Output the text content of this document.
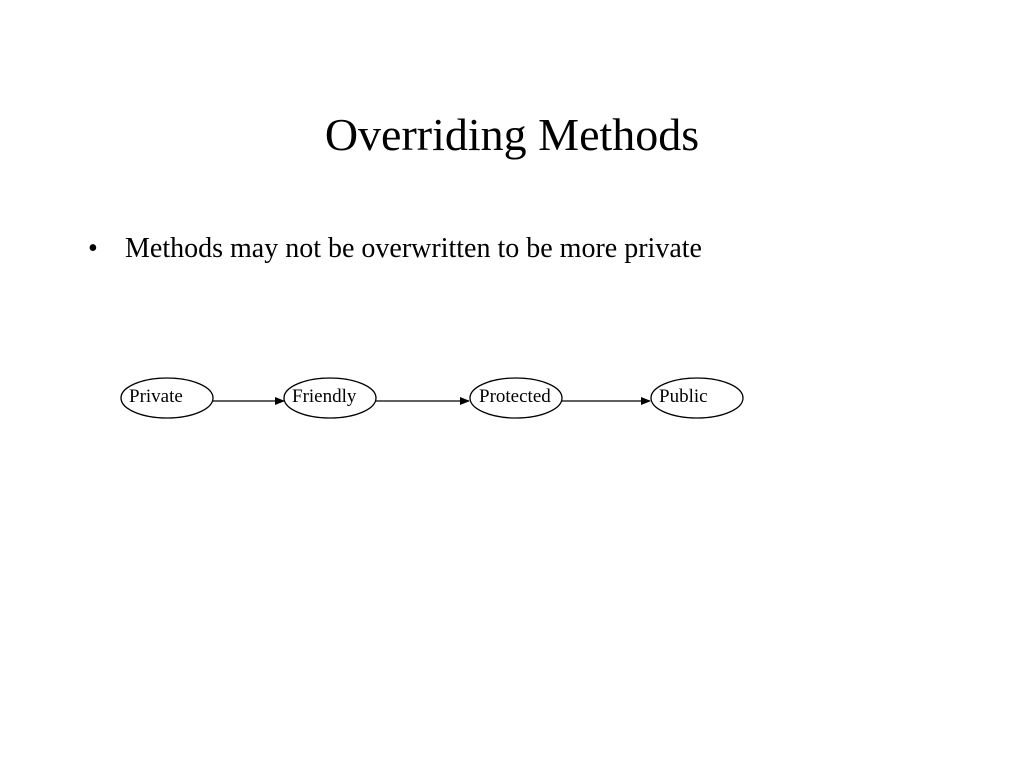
Overriding Methods
• Methods may not be overwritten to be more private
Private	Friendly	Protected	Public
